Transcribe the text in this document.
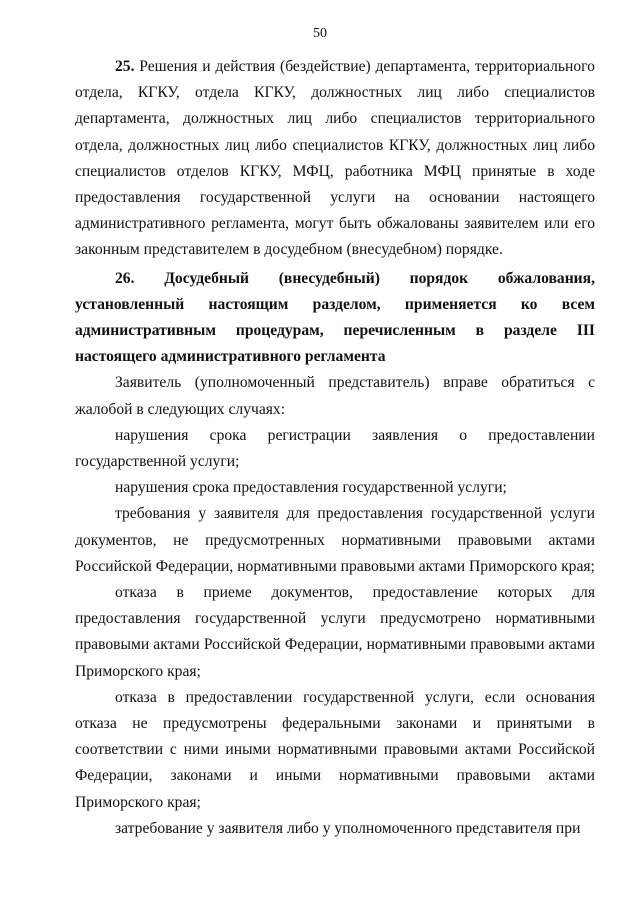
50

25. Решения и действия (бездействие) департамента, территориального отдела, КГКУ, отдела КГКУ, должностных лиц либо специалистов департамента, должностных лиц либо специалистов территориального отдела, должностных лиц либо специалистов КГКУ, должностных лиц либо специалистов отделов КГКУ, МФЦ, работника МФЦ принятые в ходе предоставления государственной услуги на основании настоящего административного регламента, могут быть обжалованы заявителем или его законным представителем в досудебном (внесудебном) порядке.

26. Досудебный (внесудебный) порядок обжалования, установленный настоящим разделом, применяется ко всем административным процедурам, перечисленным в разделе III настоящего административного регламента

Заявитель (уполномоченный представитель) вправе обратиться с жалобой в следующих случаях:

нарушения срока регистрации заявления о предоставлении государственной услуги;

нарушения срока предоставления государственной услуги;

требования у заявителя для предоставления государственной услуги документов, не предусмотренных нормативными правовыми актами Российской Федерации, нормативными правовыми актами Приморского края;

отказа в приеме документов, предоставление которых для предоставления государственной услуги предусмотрено нормативными правовыми актами Российской Федерации, нормативными правовыми актами Приморского края;

отказа в предоставлении государственной услуги, если основания отказа не предусмотрены федеральными законами и принятыми в соответствии с ними иными нормативными правовыми актами Российской Федерации, законами и иными нормативными правовыми актами Приморского края;

затребование у заявителя либо у уполномоченного представителя при
